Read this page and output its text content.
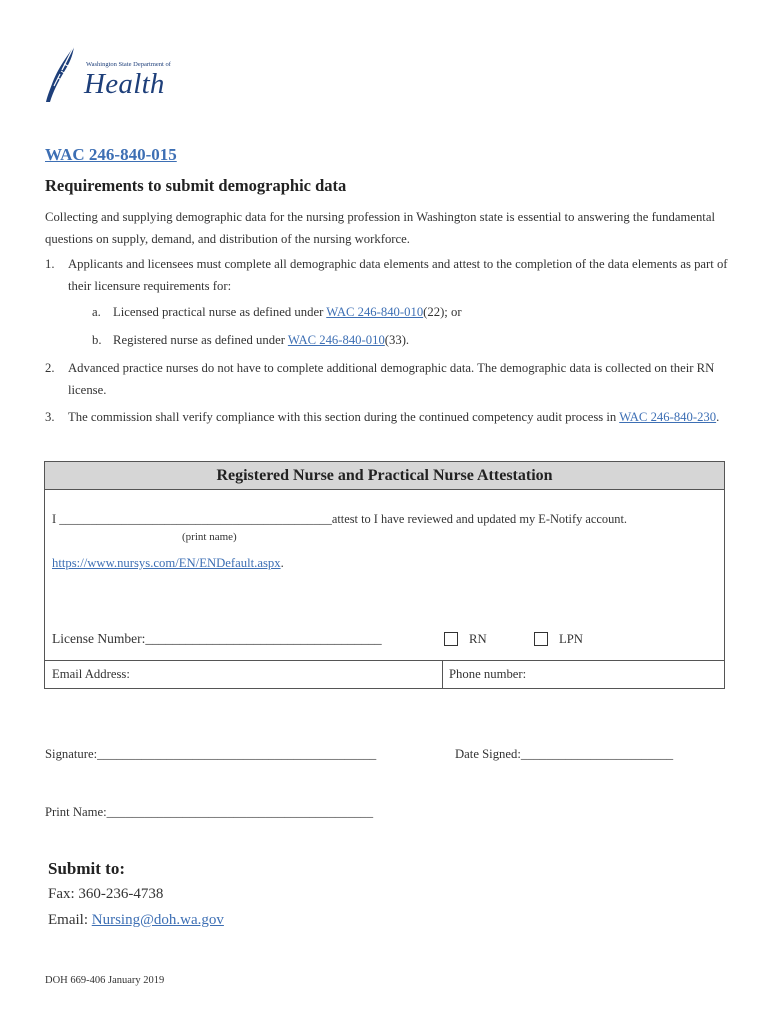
Washington State Department of
Health
WAC 246-840-015
Requirements to submit demographic data
Collecting and supplying demographic data for the nursing profession in Washington state is essential to answering the fundamental questions on supply, demand, and distribution of the nursing workforce.
1.	Applicants and licensees must complete all demographic data elements and attest to the completion of the data elements as part of their licensure requirements for:
a. Licensed practical nurse as defined under WAC 246-840-010(22); or
b. Registered nurse as defined under WAC 246-840-010(33).
2.	Advanced practice nurses do not have to complete additional demographic data. The demographic data is collected on their RN license.
3.	The commission shall verify compliance with this section during the continued competency audit process in WAC 246-840-230.
Registered Nurse and Practical Nurse Attestation
I ____________________________________________attest to I have reviewed and updated my E-Notify account.
(print name)
https://www.nursys.com/EN/ENDefault.aspx.
License Number:___________________________________	RN	LPN
Email Address:	Phone number:
Signature:____________________________________________	Date Signed:________________________
Print Name:__________________________________________
Submit to:
Fax: 360-236-4738
Email: Nursing@doh.wa.gov
DOH 669-406 January 2019
